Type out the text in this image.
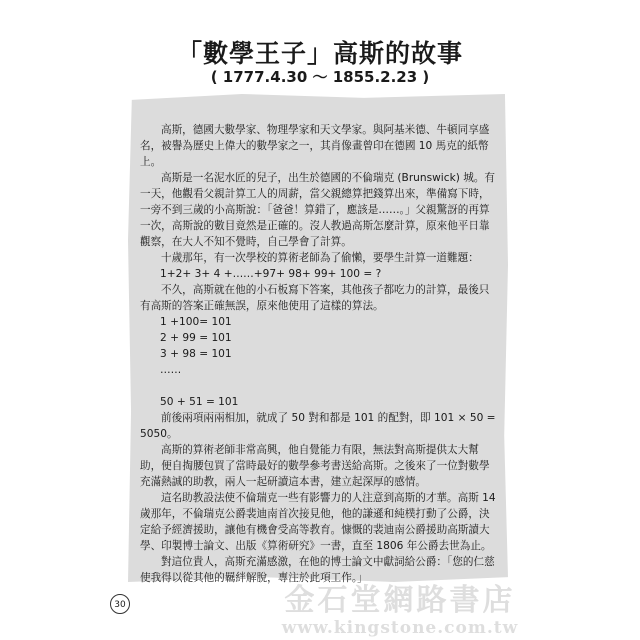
「數學王子」高斯的故事
( 1777.4.30 ～ 1855.2.23 )

高斯，德國大數學家、物理學家和天文學家。與阿基米德、牛頓同享盛名，被譽為歷史上偉大的數學家之一，其肖像畫曾印在德國 10 馬克的紙幣上。

高斯是一名泥水匠的兒子，出生於德國的不倫瑞克 (Brunswick) 城。有一天，他觀看父親計算工人的周薪，當父親總算把錢算出來，準備寫下時，一旁不到三歲的小高斯說：「爸爸！算錯了，應該是……。」父親驚訝的再算一次，高斯說的數目竟然是正確的。沒人教過高斯怎麼計算，原來他平日靠觀察，在大人不知不覺時，自己學會了計算。

十歲那年，有一次學校的算術老師為了偷懶，要學生計算一道難題：

1+2+ 3+ 4 +……+97+ 98+ 99+ 100 = ?

不久，高斯就在他的小石板寫下答案，其他孩子都吃力的計算，最後只有高斯的答案正確無誤，原來他使用了這樣的算法。

1 +100= 101

2 + 99 = 101

3 + 98 = 101

……

50 + 51 = 101

前後兩項兩兩相加，就成了 50 對和都是 101 的配對，即 101 × 50 = 5050。

高斯的算術老師非常高興，他自覺能力有限，無法對高斯提供太大幫助，便自掏腰包買了當時最好的數學參考書送給高斯。之後來了一位對數學充滿熱誠的助教，兩人一起研讀這本書，建立起深厚的感情。

這名助教設法使不倫瑞克一些有影響力的人注意到高斯的才華。高斯 14 歲那年，不倫瑞克公爵裴迪南首次接見他，他的謙遜和純樸打動了公爵，決定給予經濟援助，讓他有機會受高等教育。慷慨的裴迪南公爵援助高斯讀大學、印製博士論文、出版《算術研究》一書，直至 1806 年公爵去世為止。

對這位貴人，高斯充滿感激，在他的博士論文中獻詞給公爵：「您的仁慈使我得以從其他的羈絆解脫，專注於此項工作。」

30	金石堂網路書店
www.kingstone.com.tw
